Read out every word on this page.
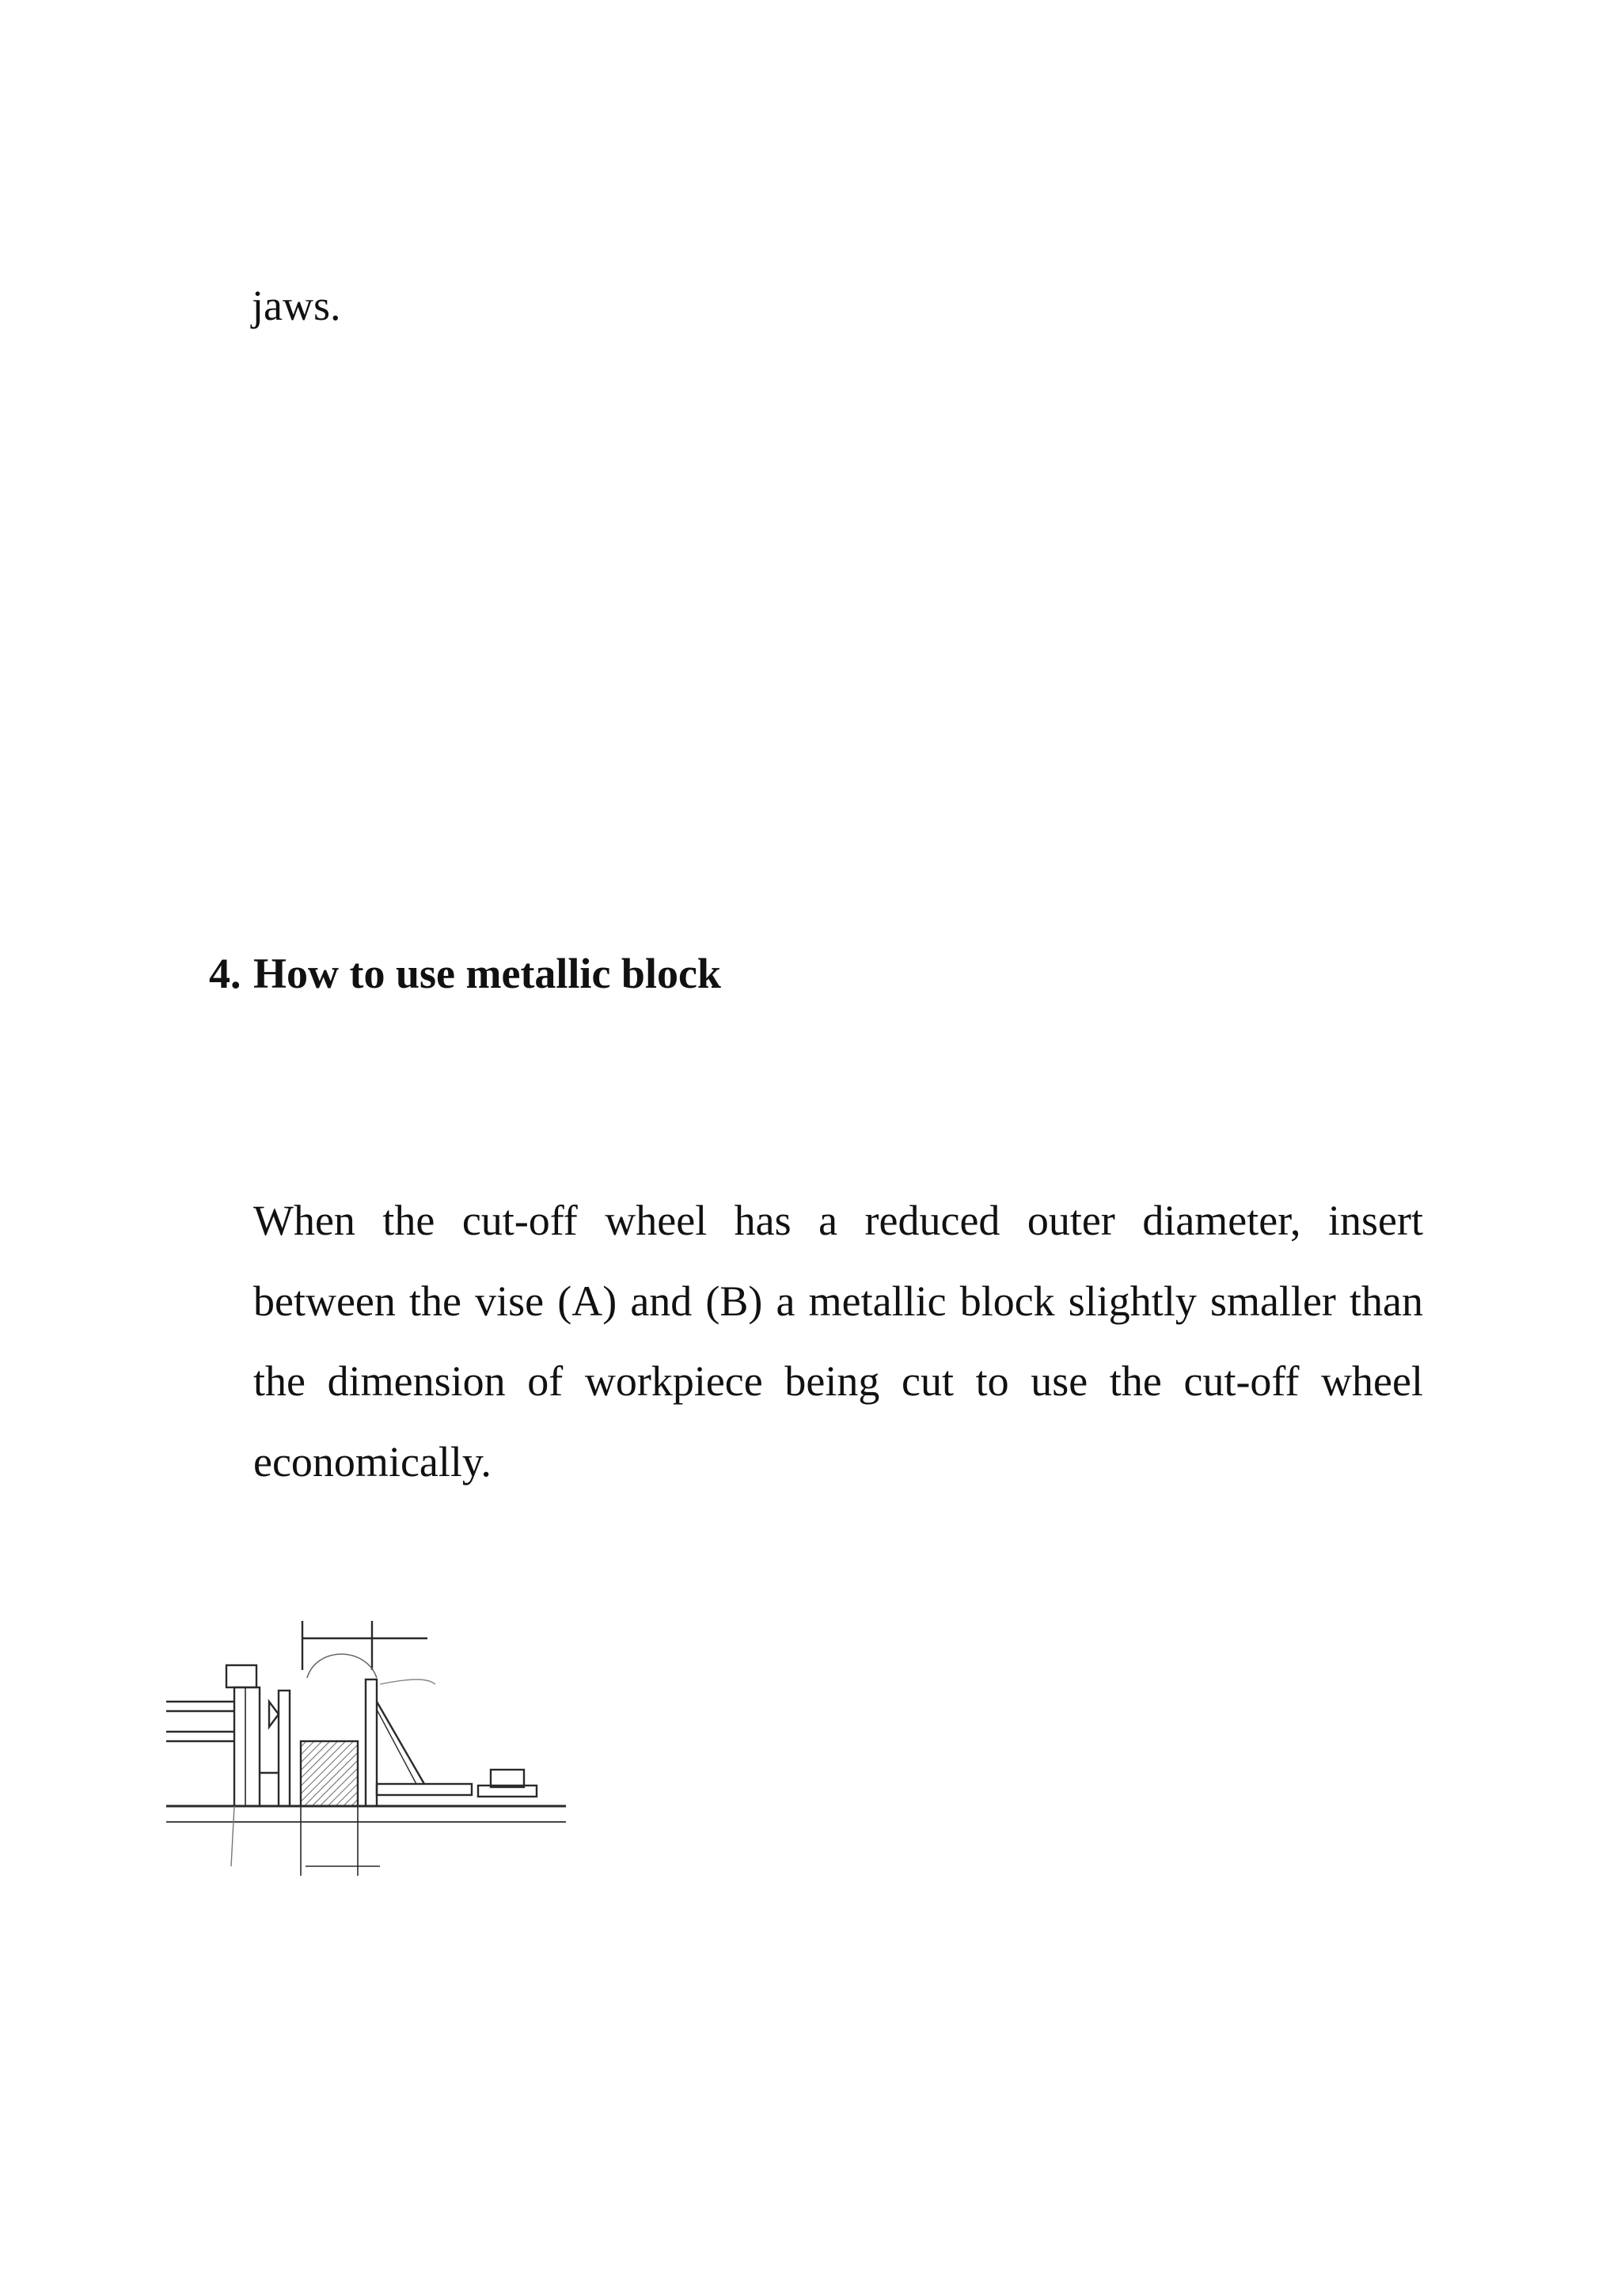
jaws.
4. How to use metallic block

When the cut-off wheel has a reduced outer diameter, insert between the vise (A) and (B) a metallic block slightly smaller than the dimension of workpiece being cut to use the cut-off wheel economically.
